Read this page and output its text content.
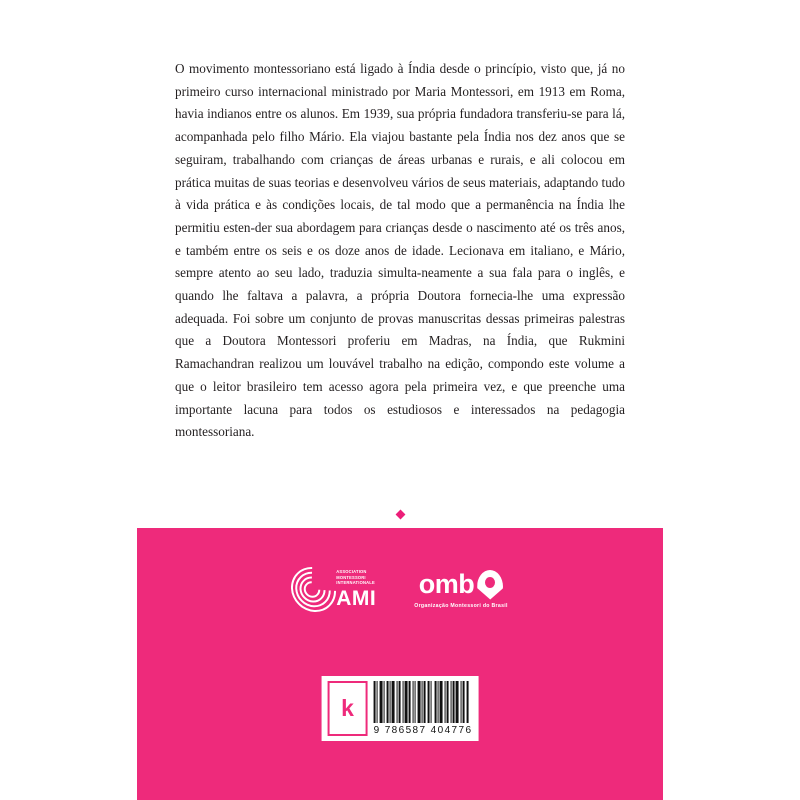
O movimento montessoriano está ligado à Índia desde o princípio, visto que, já no primeiro curso internacional ministrado por Maria Montessori, em 1913 em Roma, havia indianos entre os alunos. Em 1939, sua própria fundadora transferiu-se para lá, acompanhada pelo filho Mário. Ela viajou bastante pela Índia nos dez anos que se seguiram, trabalhando com crianças de áreas urbanas e rurais, e ali colocou em prática muitas de suas teorias e desenvolveu vários de seus materiais, adaptando tudo à vida prática e às condições locais, de tal modo que a permanência na Índia lhe permitiu esten-der sua abordagem para crianças desde o nascimento até os três anos, e também entre os seis e os doze anos de idade. Lecionava em italiano, e Mário, sempre atento ao seu lado, traduzia simulta-neamente a sua fala para o inglês, e quando lhe faltava a palavra, a própria Doutora fornecia-lhe uma expressão adequada. Foi sobre um conjunto de provas manuscritas dessas primeiras palestras que a Doutora Montessori proferiu em Madras, na Índia, que Rukmini Ramachandran realizou um louvável trabalho na edição, compondo este volume a que o leitor brasileiro tem acesso agora pela primeira vez, e que preenche uma importante lacuna para todos os estudiosos e interessados na pedagogia montessoriana.
ASSOCIATION
MONTESSORI
INTERNATIONALE
AMI omb
Organização Montessori do Brasil
k
9 786587 404776
